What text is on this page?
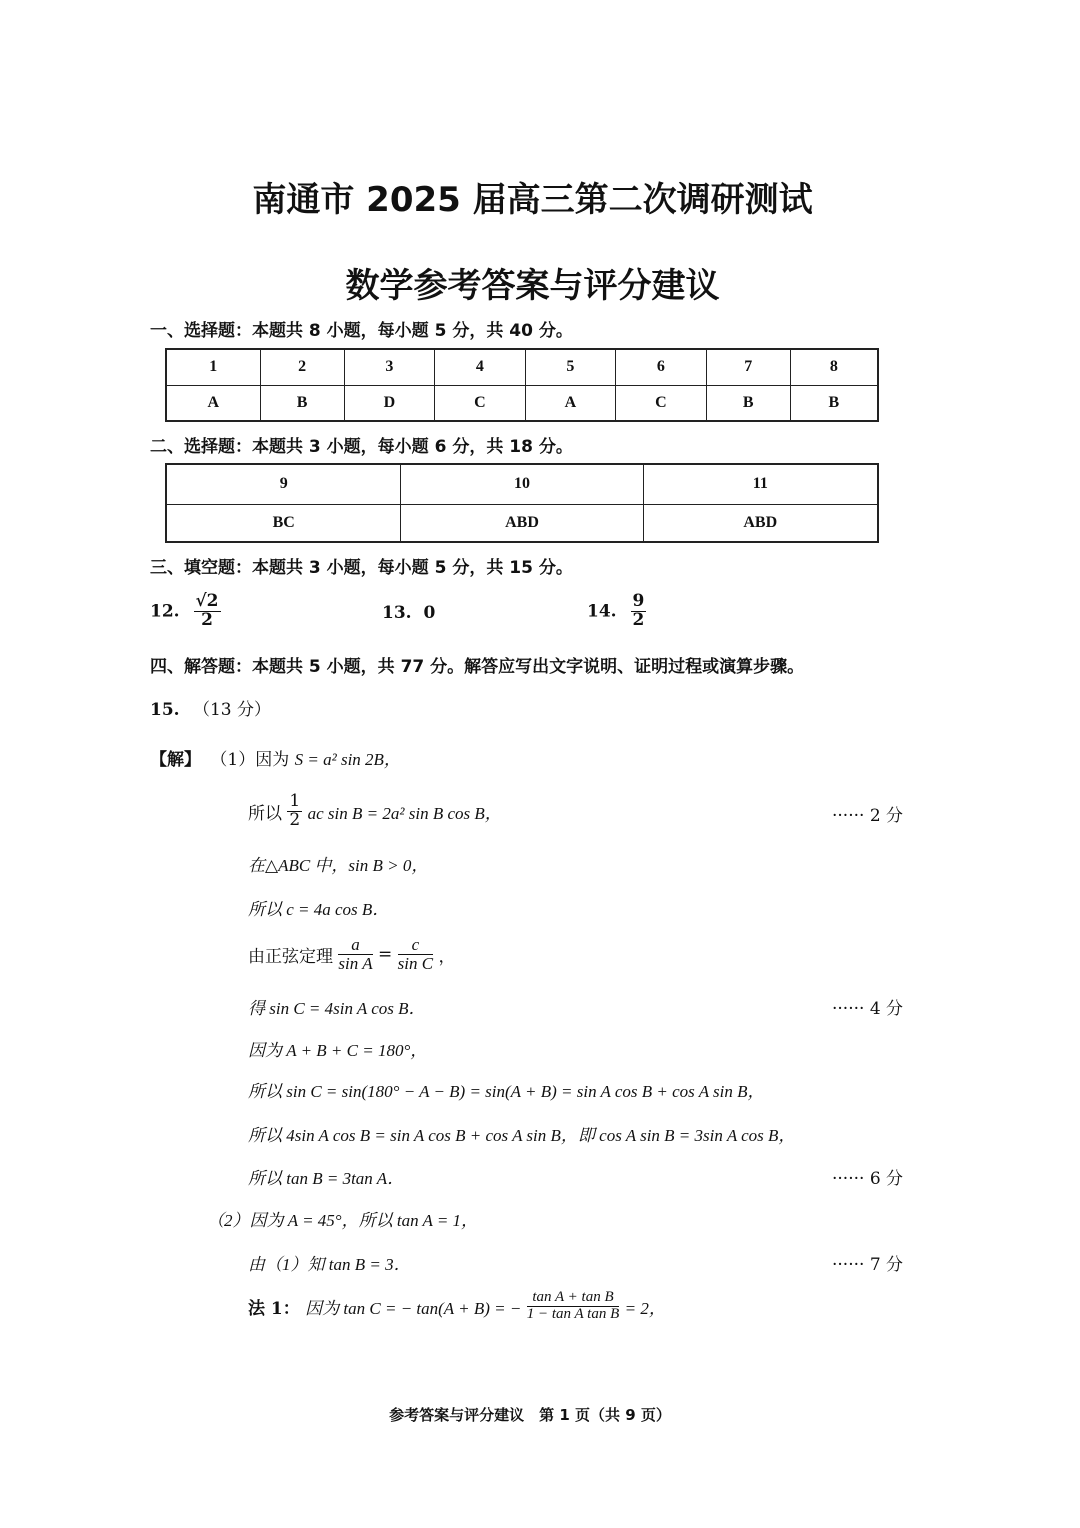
南通市 2025 届高三第二次调研测试
数学参考答案与评分建议
一、选择题：本题共 8 小题，每小题 5 分，共 40 分。
1	2	3	4	5	6	7	8
A	B	D	C	A	C	B	B
二、选择题：本题共 3 小题，每小题 6 分，共 18 分。
9	10	11
BC	ABD	ABD
三、填空题：本题共 3 小题，每小题 5 分，共 15 分。
12. $\frac{√2}{2}$	13. 0	14. $\frac{9}{2}$
四、解答题：本题共 5 小题，共 77 分。解答应写出文字说明、证明过程或演算步骤。
15. （13 分）
【解】 （1）因为 S = a² sin 2B，
所以 $\frac{1}{2}$ ac sin B = 2a² sin B cos B，	······ 2 分
在△ABC 中，sin B > 0，
所以 c = 4a cos B．
由正弦定理 $\frac{a}{\text{sin A}} = \frac{c}{\text{sin C}}$ ，
得 sin C = 4sin A cos B．	······ 4 分
因为 A + B + C = 180°，
所以 sin C = sin(180° − A − B) = sin(A + B) = sin A cos B + cos A sin B，
所以 4sin A cos B = sin A cos B + cos A sin B，即 cos A sin B = 3sin A cos B，
所以 tan B = 3tan A．	······ 6 分
（2）因为 A = 45°，所以 tan A = 1，
由（1）知 tan B = 3．	······ 7 分
法 1： 因为 tan C = − tan(A + B) = − $\frac{\text{tan A + tan B}}{\text{1 − tan A tan B}} = 2$，
参考答案与评分建议　第 1 页（共 9 页）
